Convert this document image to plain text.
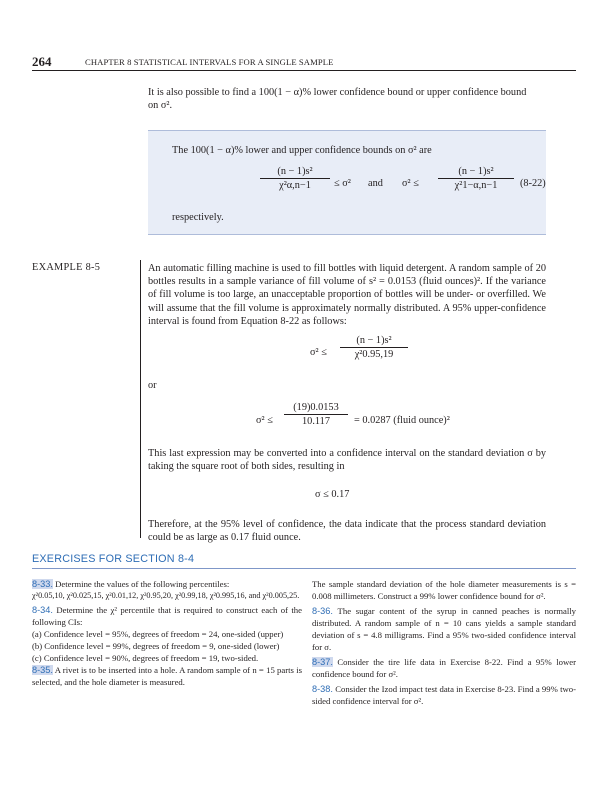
264	CHAPTER 8 STATISTICAL INTERVALS FOR A SINGLE SAMPLE
It is also possible to find a 100(1 − α)% lower confidence bound or upper confidence bound
on σ².
The 100(1 − α)% lower and upper confidence bounds on σ² are
(n − 1)s²
χ²α,n−1	≤ σ² and σ² ≤
(n − 1)s²
χ²1−α,n−1	(8-22)
respectively.
EXAMPLE 8-5	An automatic filling machine is used to fill bottles with liquid detergent. A random sample of 20 bottles results in a sample variance of fill volume of s² = 0.0153 (fluid ounces)². If the variance of fill volume is too large, an unacceptable proportion of bottles will be under- or overfilled. We will assume that the fill volume is approximately normally distributed. A 95% upper-confidence interval is found from Equation 8-22 as follows:
σ² ≤
(n − 1)s²
χ²0.95,19
or
σ² ≤
(19)0.0153
10.117	= 0.0287 (fluid ounce)²
This last expression may be converted into a confidence interval on the standard deviation σ by taking the square root of both sides, resulting in
σ ≤ 0.17
Therefore, at the 95% level of confidence, the data indicate that the process standard deviation could be as large as 0.17 fluid ounce.
EXERCISES FOR SECTION 8-4
8-33. Determine the values of the following percentiles:
χ²0.05,10, χ²0.025,15, χ²0.01,12, χ²0.95,20, χ²0.99,18, χ²0.995,16, and χ²0.005,25.
8-34. Determine the χ² percentile that is required to construct each of the following CIs:
(a) Confidence level = 95%, degrees of freedom = 24, one-sided (upper)
(b) Confidence level = 99%, degrees of freedom = 9, one-sided (lower)
(c) Confidence level = 90%, degrees of freedom = 19, two-sided.
8-35. A rivet is to be inserted into a hole. A random sample of n = 15 parts is selected, and the hole diameter is measured.
The sample standard deviation of the hole diameter measurements is s = 0.008 millimeters. Construct a 99% lower confidence bound for σ².
8-36. The sugar content of the syrup in canned peaches is normally distributed. A random sample of n = 10 cans yields a sample standard deviation of s = 4.8 milligrams. Find a 95% two-sided confidence interval for σ.
8-37. Consider the tire life data in Exercise 8-22. Find a 95% lower confidence bound for σ².
8-38. Consider the Izod impact test data in Exercise 8-23. Find a 99% two-sided confidence interval for σ².
